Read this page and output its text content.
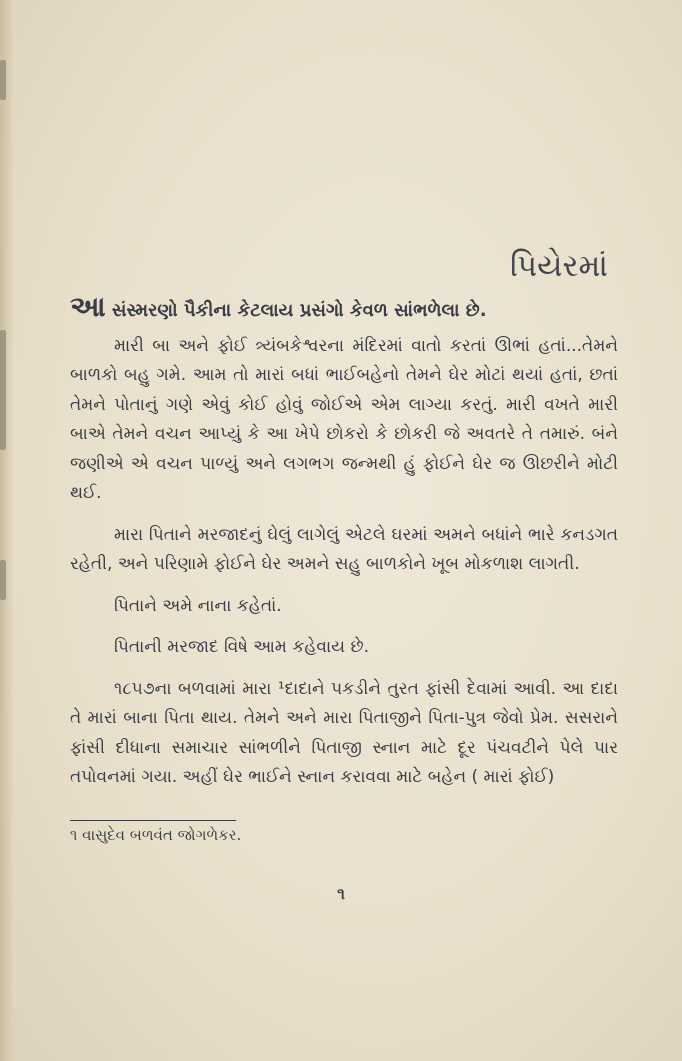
પિયેરમાં

આ સંસ્મરણો પૈકીના કેટલાય પ્રસંગો કેવળ સાંભળેલા છે.

મારી બા અને ફોઈ ત્ર્યંબકેશ્વરના મંદિરમાં વાતો કરતાં ઊભાં હતાં...તેમને બાળકો બહુ ગમે. આમ તો મારાં બધાં ભાઈબહેનો તેમને ઘેર મોટાં થયાં હતાં, છતાં તેમને પોતાનું ગણે એવું કોઈ હોવું જોઈએ એમ લાગ્યા કરતું. મારી વખતે મારી બાએ તેમને વચન આપ્યું કે આ ખેપે છોકરો કે છોકરી જે અવતરે તે તમારું. બંને જણીએ એ વચન પાળ્યું અને લગભગ જન્મથી હું ફોઈને ઘેર જ ઊછરીને મોટી થઈ.

મારા પિતાને મરજાદનું ઘેલું લાગેલું એટલે ઘરમાં અમને બધાંને ભારે કનડગત રહેતી, અને પરિણામે ફોઈને ઘેર અમને સહુ બાળકોને ખૂબ મોકળાશ લાગતી.

પિતાને અમે નાના કહેતાં.

પિતાની મરજાદ વિષે આમ કહેવાય છે.

૧૮૫૭ના બળવામાં મારા ¹દાદાને પકડીને તુરત ફાંસી દેવામાં આવી. આ દાદા તે મારાં બાના પિતા થાય. તેમને અને મારા પિતાજીને પિતા-પુત્ર જેવો પ્રેમ. સસરાને ફાંસી દીધાના સમાચાર સાંભળીને પિતાજી સ્નાન માટે દૂર પંચવટીને પેલે પાર તપોવનમાં ગયા. અહીં ઘેર ભાઈને સ્નાન કરાવવા માટે બહેન ( મારાં ફોઈ)

૧ વાસુદેવ બળવંત જોગળેકર.

૧
